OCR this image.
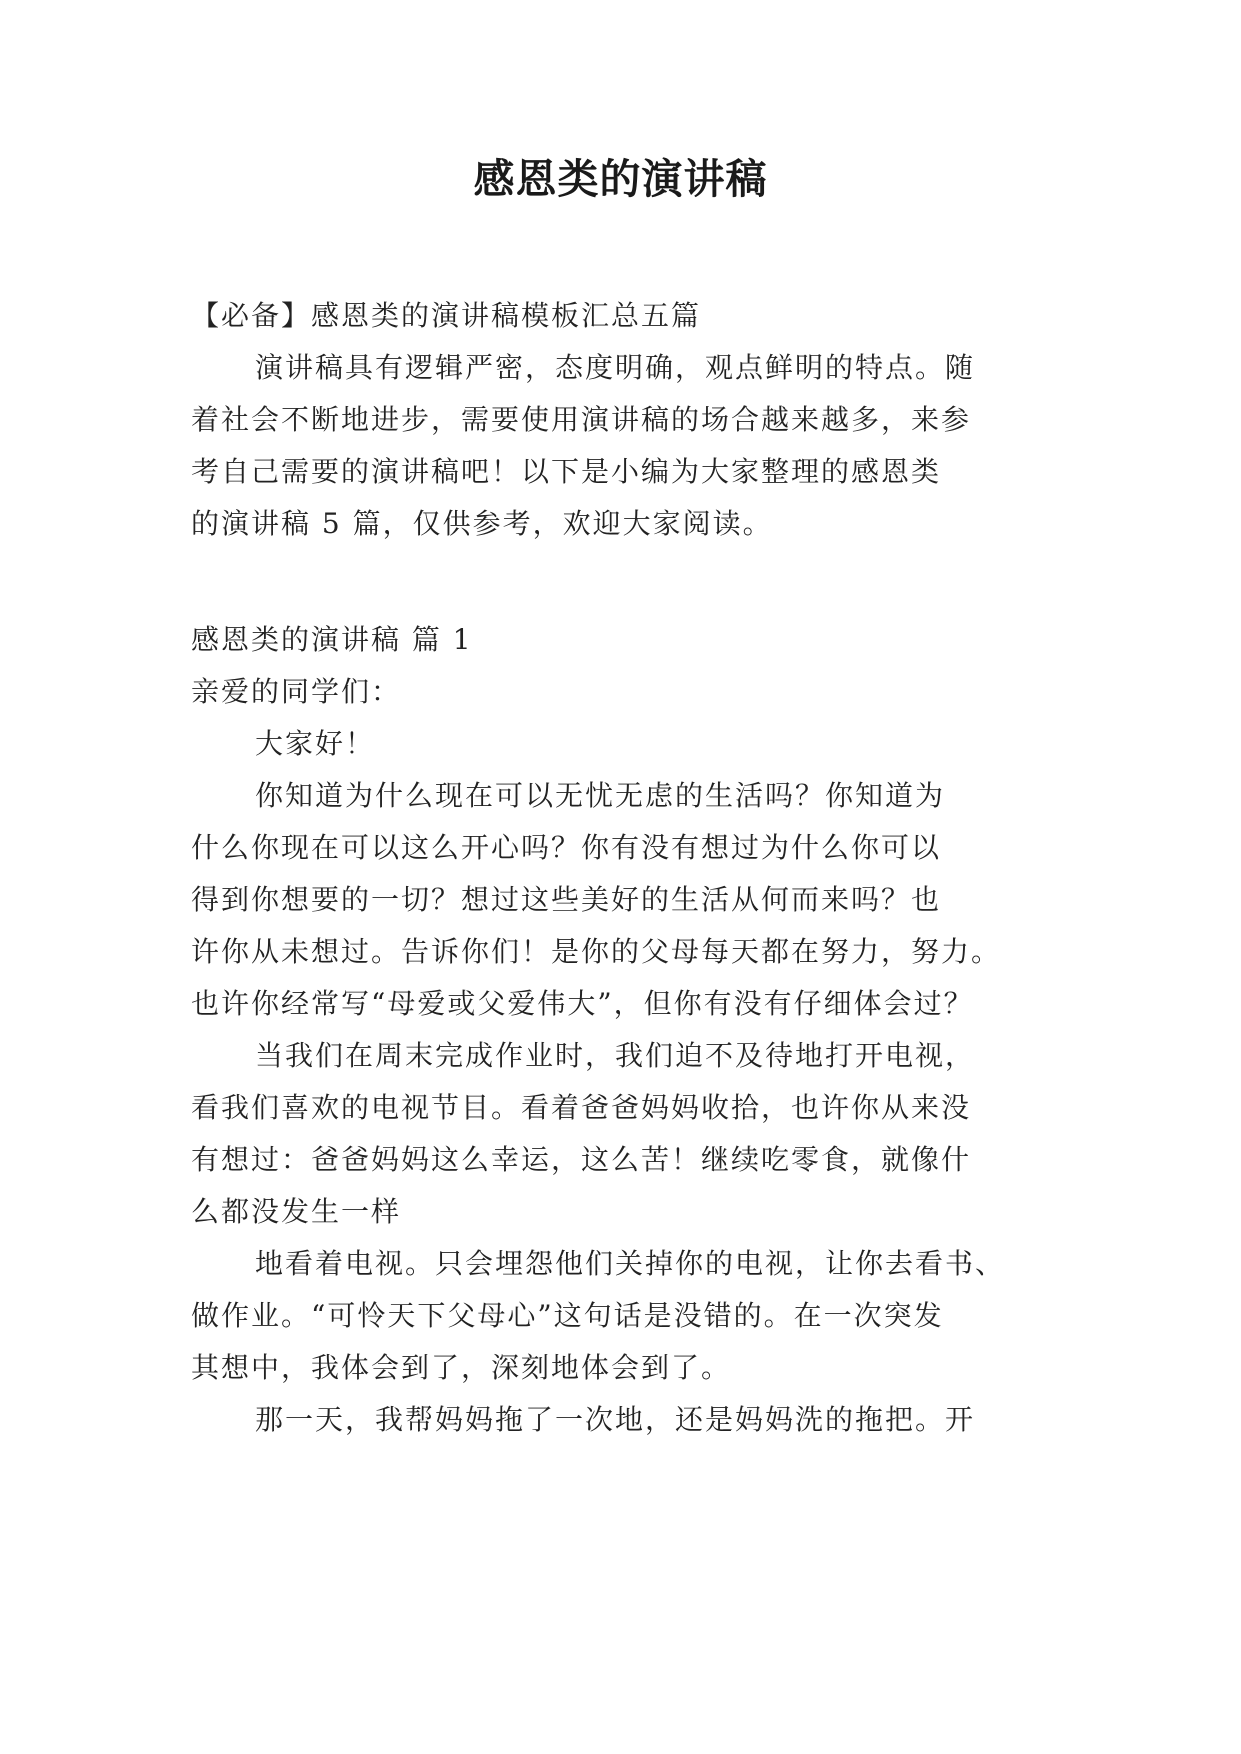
感恩类的演讲稿
【必备】感恩类的演讲稿模板汇总五篇
演讲稿具有逻辑严密，态度明确，观点鲜明的特点。随
着社会不断地进步，需要使用演讲稿的场合越来越多，来参
考自己需要的演讲稿吧！以下是小编为大家整理的感恩类
的演讲稿 5 篇，仅供参考，欢迎大家阅读。
感恩类的演讲稿 篇 1
亲爱的同学们：
大家好！
你知道为什么现在可以无忧无虑的生活吗？你知道为
什么你现在可以这么开心吗？你有没有想过为什么你可以
得到你想要的一切？想过这些美好的生活从何而来吗？也
许你从未想过。告诉你们！是你的父母每天都在努力，努力。
也许你经常写“母爱或父爱伟大”，但你有没有仔细体会过？
当我们在周末完成作业时，我们迫不及待地打开电视，
看我们喜欢的电视节目。看着爸爸妈妈收拾，也许你从来没
有想过：爸爸妈妈这么幸运，这么苦！继续吃零食，就像什
么都没发生一样
地看着电视。只会埋怨他们关掉你的电视，让你去看书、
做作业。“可怜天下父母心”这句话是没错的。在一次突发
其想中，我体会到了，深刻地体会到了。
那一天，我帮妈妈拖了一次地，还是妈妈洗的拖把。开
